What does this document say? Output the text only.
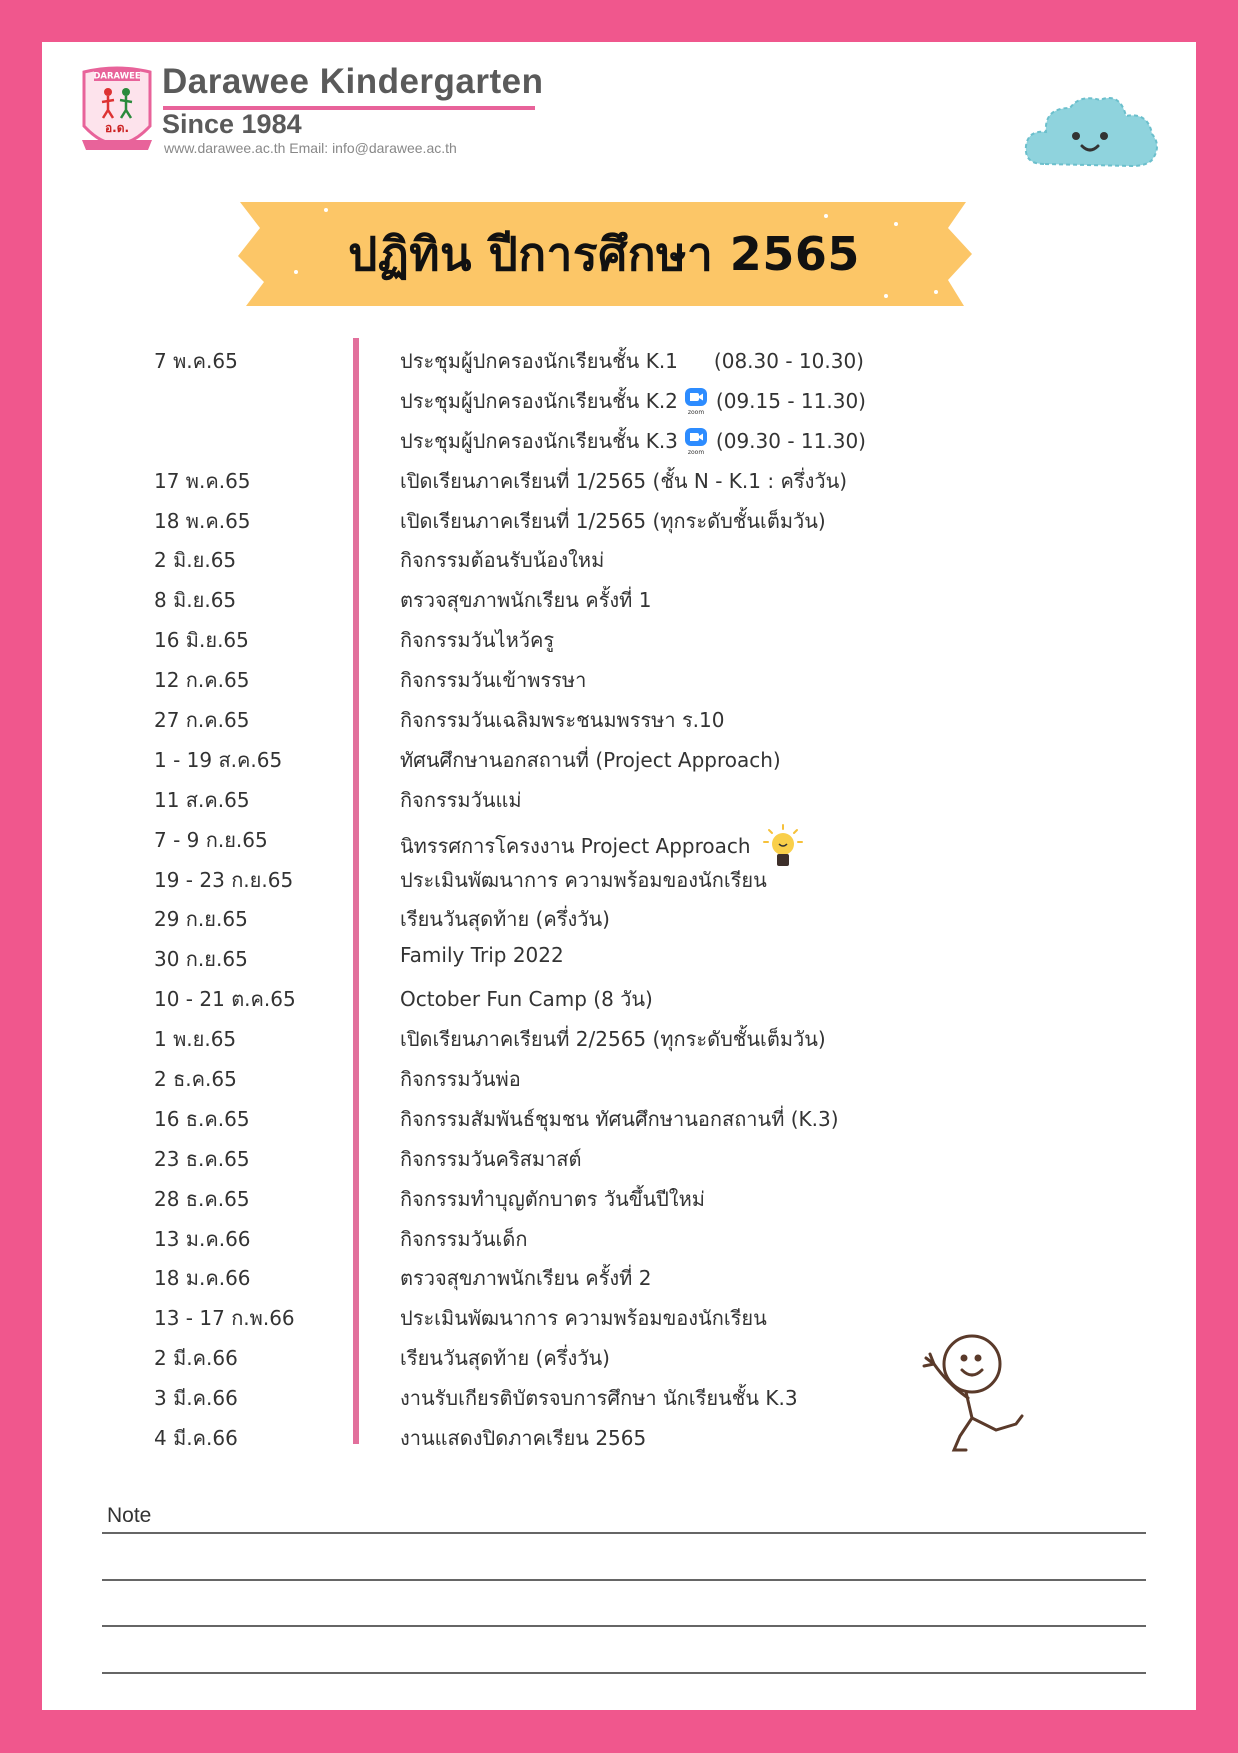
DARAWEE
อ.ด.
Darawee Kindergarten
Since 1984
www.darawee.ac.th Email: info@darawee.ac.th
ปฏิทิน ปีการศึกษา 2565
7 พ.ค.65	ประชุมผู้ปกครองนักเรียนชั้น K.1 (08.30 - 10.30)
ประชุมผู้ปกครองนักเรียนชั้น K.2 zoom (09.15 - 11.30)
ประชุมผู้ปกครองนักเรียนชั้น K.3 zoom (09.30 - 11.30)
17 พ.ค.65	เปิดเรียนภาคเรียนที่ 1/2565 (ชั้น N - K.1 : ครึ่งวัน)
18 พ.ค.65	เปิดเรียนภาคเรียนที่ 1/2565 (ทุกระดับชั้นเต็มวัน)
2 มิ.ย.65	กิจกรรมต้อนรับน้องใหม่
8 มิ.ย.65	ตรวจสุขภาพนักเรียน ครั้งที่ 1
16 มิ.ย.65	กิจกรรมวันไหว้ครู
12 ก.ค.65	กิจกรรมวันเข้าพรรษา
27 ก.ค.65	กิจกรรมวันเฉลิมพระชนมพรรษา ร.10
1 - 19 ส.ค.65	ทัศนศึกษานอกสถานที่ (Project Approach)
11 ส.ค.65	กิจกรรมวันแม่
7 - 9 ก.ย.65	นิทรรศการโครงงาน Project Approach
19 - 23 ก.ย.65	ประเมินพัฒนาการ ความพร้อมของนักเรียน
29 ก.ย.65	เรียนวันสุดท้าย (ครึ่งวัน)
30 ก.ย.65	Family Trip 2022
10 - 21 ต.ค.65	October Fun Camp (8 วัน)
1 พ.ย.65	เปิดเรียนภาคเรียนที่ 2/2565 (ทุกระดับชั้นเต็มวัน)
2 ธ.ค.65	กิจกรรมวันพ่อ
16 ธ.ค.65	กิจกรรมสัมพันธ์ชุมชน ทัศนศึกษานอกสถานที่ (K.3)
23 ธ.ค.65	กิจกรรมวันคริสมาสต์
28 ธ.ค.65	กิจกรรมทำบุญตักบาตร วันขึ้นปีใหม่
13 ม.ค.66	กิจกรรมวันเด็ก
18 ม.ค.66	ตรวจสุขภาพนักเรียน ครั้งที่ 2
13 - 17 ก.พ.66	ประเมินพัฒนาการ ความพร้อมของนักเรียน
2 มี.ค.66	เรียนวันสุดท้าย (ครึ่งวัน)
3 มี.ค.66	งานรับเกียรติบัตรจบการศึกษา นักเรียนชั้น K.3
4 มี.ค.66	งานแสดงปิดภาคเรียน 2565
Note
